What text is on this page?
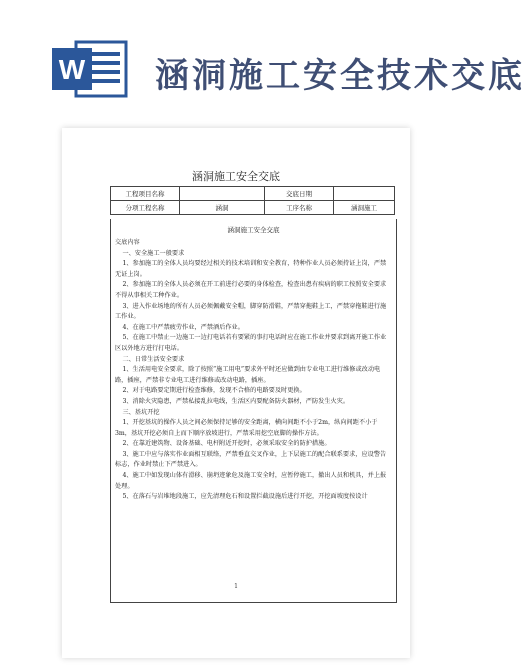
W 涵洞施工安全技术交底
涵洞施工安全交底
工程项目名称		交底日期	
分项工程名称	涵洞	工序名称	涵洞施工
涵洞施工安全交底

交底内容

一、安全施工一般要求

1、参加施工的全体人员均要经过相关的技术培训和安全教育，特种作业人员必须持证上岗，严禁无证上岗。

2、参加施工的全体人员必须在开工前进行必要的身体检查，检查出患有疾病的职工按照安全要求不得从事相关工种作业。

3、进入作业场地的所有人员必须佩戴安全帽，脚穿防滑鞋，严禁穿拖鞋上工，严禁穿拖鞋进行施工作业。

4、在施工中严禁疲劳作业，严禁酒后作业。

5、在施工中禁止一边施工一边打电话若有要紧的事打电话时应在施工作业并要求到离开施工作业区以外地方进行打电话。

二、日常生活安全要求

1、生活用电安全要求，除了按照“施工用电”要求外平时还应做到由专业电工进行维修或改动电路，插座，严禁非专业电工进行维修或改动电路，插座。

2、对于电路要定期进行检查维修，发现不合格的电路要及时更换。

3、消除火灾隐患，严禁私接乱拉电线，生活区内要配备防火器材，严防发生火灾。

三、基坑开挖

1、开挖基坑的操作人员之间必须保持足够的安全距离，横向间距不小于2m，纵向间距不小于3m，基坑开挖必须自上而下顺序放坡进行，严禁采用挖空底脚的操作方法。

2、在靠近建筑物、设备基础、电杆附近开挖时，必须采取安全的防护措施。

3、施工中应与落实作业面相互联络，严禁垂直交叉作业，上下层施工的配合联系要求，应设警告标志，作业时禁止下严禁进入。

4、施工中如发现山体有滑移、崩坍迹象危及施工安全时，应暂停施工，撤出人员和机具，并上报处理。

5、在落石与岩堆地段施工，应先清理危石和设置拦截设施后进行开挖，开挖面坡度按设计

1
